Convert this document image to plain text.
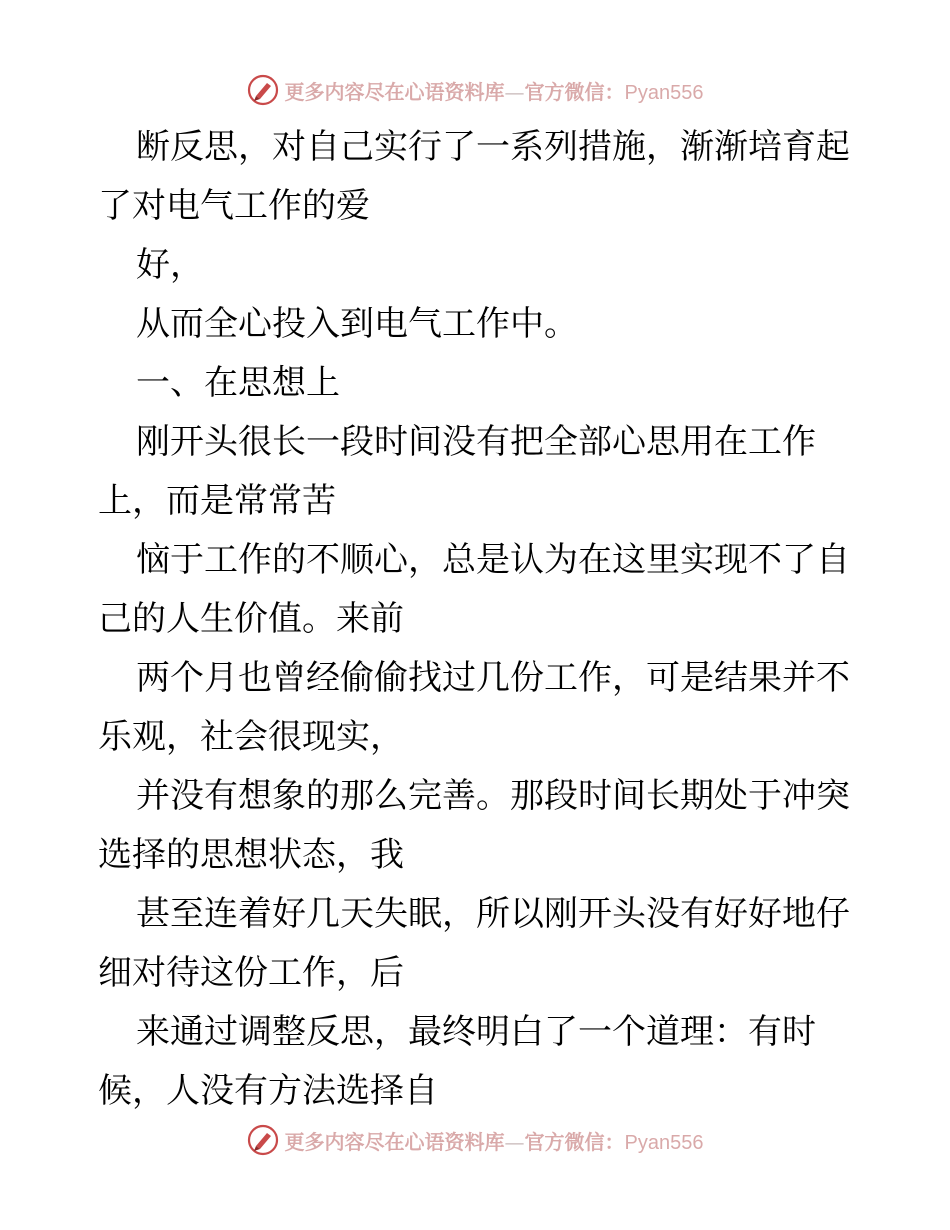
更多内容尽在心语资料库—官方微信：Pyan556
断反思，对自己实行了一系列措施，渐渐培育起
了对电气工作的爱
好，
从而全心投入到电气工作中。
一、在思想上
刚开头很长一段时间没有把全部心思用在工作
上，而是常常苦
恼于工作的不顺心，总是认为在这里实现不了自
己的人生价值。来前
两个月也曾经偷偷找过几份工作，可是结果并不
乐观，社会很现实，
并没有想象的那么完善。那段时间长期处于冲突
选择的思想状态，我
甚至连着好几天失眠，所以刚开头没有好好地仔
细对待这份工作，后
来通过调整反思，最终明白了一个道理：有时
候，人没有方法选择自
更多内容尽在心语资料库—官方微信：Pyan556
